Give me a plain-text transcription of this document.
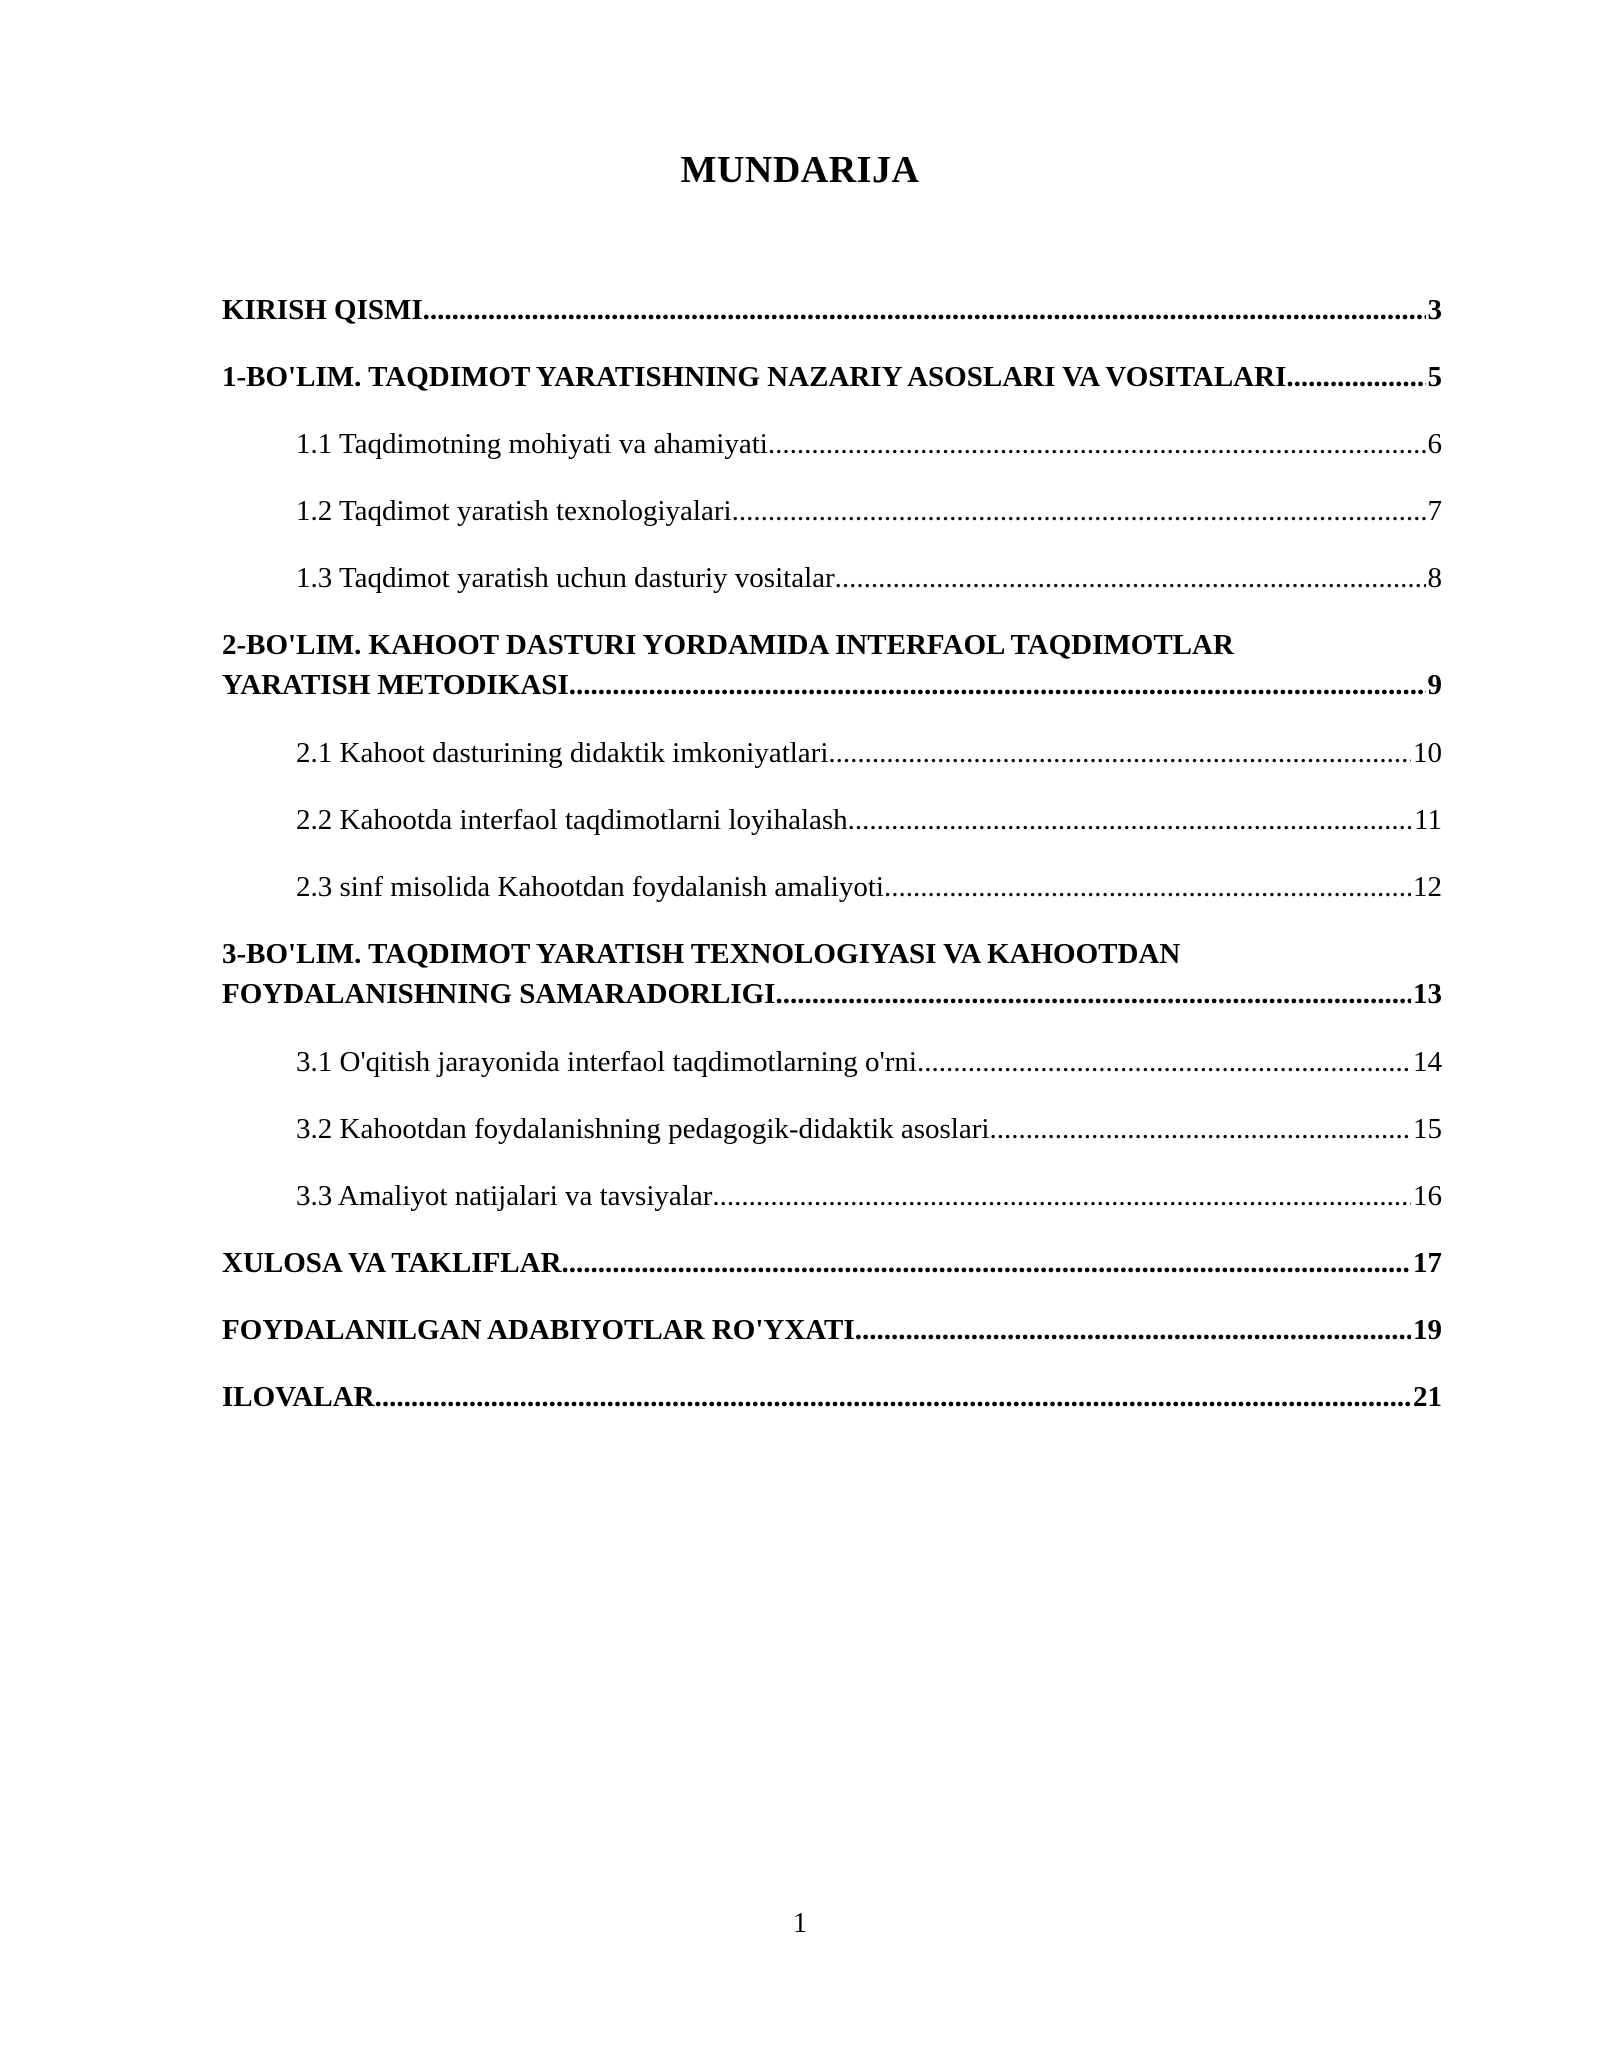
MUNDARIJA
KIRISH QISMI .....	3
1-BO'LIM. TAQDIMOT YARATISHNING NAZARIY ASOSLARI VA VOSITALARI .....	5
1.1 Taqdimotning mohiyati va ahamiyati .....	6
1.2 Taqdimot yaratish texnologiyalari .....	7
1.3 Taqdimot yaratish uchun dasturiy vositalar .....	8
2-BO'LIM. KAHOOT DASTURI YORDAMIDA INTERFAOL TAQDIMOTLAR
YARATISH METODIKASI .....	9
2.1 Kahoot dasturining didaktik imkoniyatlari .....	10
2.2 Kahootda interfaol taqdimotlarni loyihalash .....	11
2.3 sinf misolida Kahootdan foydalanish amaliyoti .....	12
3-BO'LIM. TAQDIMOT YARATISH TEXNOLOGIYASI VA KAHOOTDAN
FOYDALANISHNING SAMARADORLIGI .....	13
3.1 O'qitish jarayonida interfaol taqdimotlarning o'rni .....	14
3.2 Kahootdan foydalanishning pedagogik-didaktik asoslari .....	15
3.3 Amaliyot natijalari va tavsiyalar .....	16
XULOSA VA TAKLIFLAR .....	17
FOYDALANILGAN ADABIYOTLAR RO'YXATI .....	19
ILOVALAR .....	21
1
